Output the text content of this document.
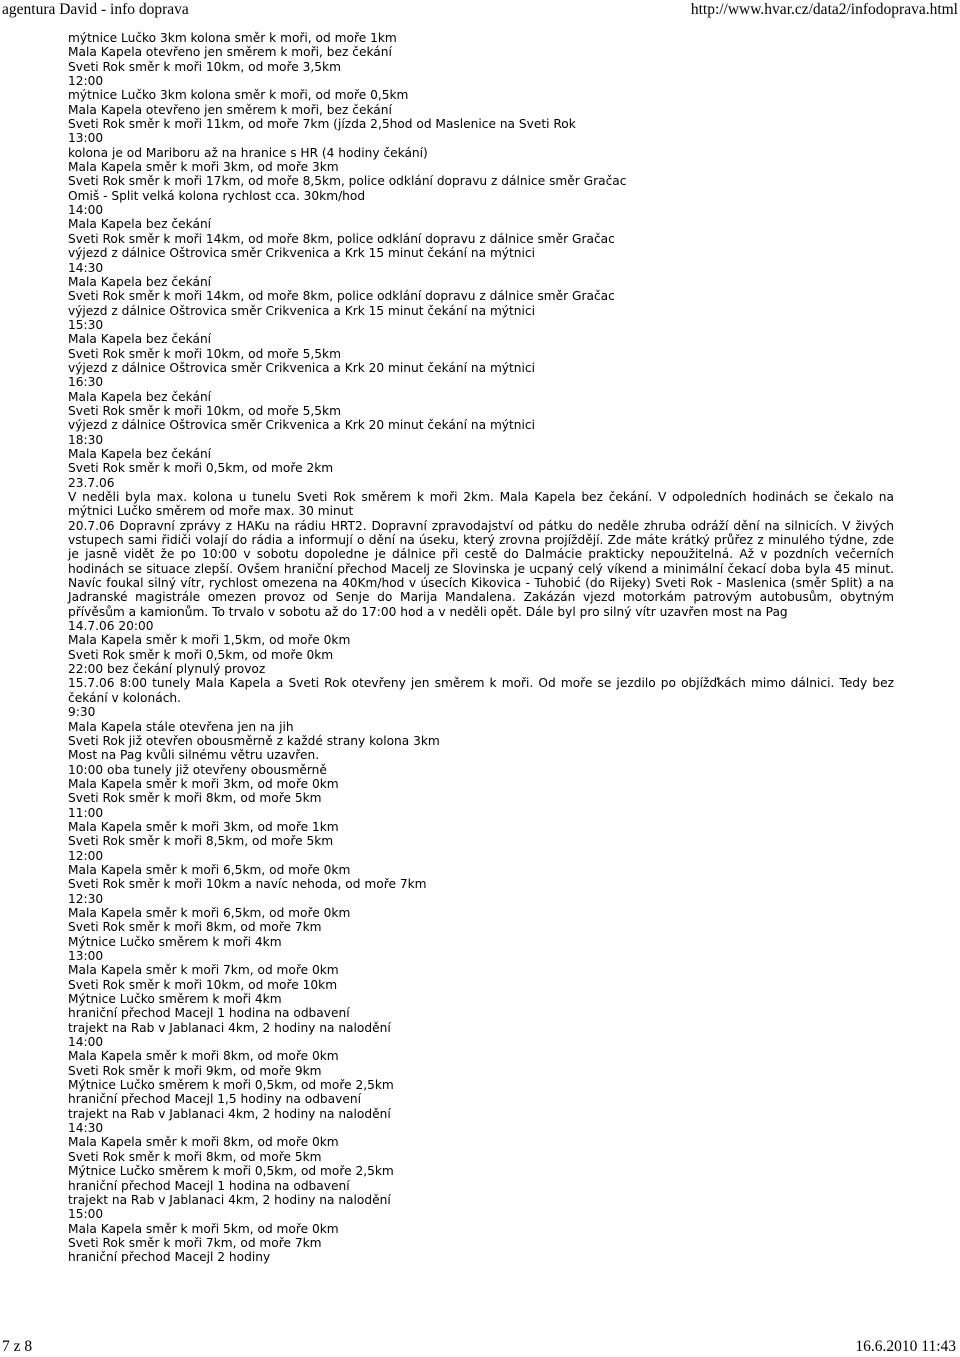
agentura David - info doprava	http://www.hvar.cz/data2/infodoprava.html
mýtnice Lučko 3km kolona směr k moři, od moře 1km
Mala Kapela otevřeno jen směrem k moři, bez čekání
Sveti Rok směr k moři 10km, od moře 3,5km
12:00
mýtnice Lučko 3km kolona směr k moři, od moře 0,5km
Mala Kapela otevřeno jen směrem k moři, bez čekání
Sveti Rok směr k moři 11km, od moře 7km (jízda 2,5hod od Maslenice na Sveti Rok
13:00
kolona je od Mariboru až na hranice s HR (4 hodiny čekání)
Mala Kapela směr k moři 3km, od moře 3km
Sveti Rok směr k moři 17km, od moře 8,5km, police odklání dopravu z dálnice směr Gračac
Omiš - Split velká kolona rychlost cca. 30km/hod
14:00
Mala Kapela bez čekání
Sveti Rok směr k moři 14km, od moře 8km, police odklání dopravu z dálnice směr Gračac
výjezd z dálnice Oštrovica směr Crikvenica a Krk 15 minut čekání na mýtnici
14:30
Mala Kapela bez čekání
Sveti Rok směr k moři 14km, od moře 8km, police odklání dopravu z dálnice směr Gračac
výjezd z dálnice Oštrovica směr Crikvenica a Krk 15 minut čekání na mýtnici
15:30
Mala Kapela bez čekání
Sveti Rok směr k moři 10km, od moře 5,5km
výjezd z dálnice Oštrovica směr Crikvenica a Krk 20 minut čekání na mýtnici
16:30
Mala Kapela bez čekání
Sveti Rok směr k moři 10km, od moře 5,5km
výjezd z dálnice Oštrovica směr Crikvenica a Krk 20 minut čekání na mýtnici
18:30
Mala Kapela bez čekání
Sveti Rok směr k moři 0,5km, od moře 2km
23.7.06
V neděli byla max. kolona u tunelu Sveti Rok směrem k moři 2km. Mala Kapela bez čekání. V odpoledních hodinách se čekalo na mýtnici Lučko směrem od moře max. 30 minut
20.7.06 Dopravní zprávy z HAKu na rádiu HRT2. Dopravní zpravodajství od pátku do neděle zhruba odráží dění na silnicích. V živých vstupech sami řidiči volají do rádia a informují o dění na úseku, který zrovna projíždějí. Zde máte krátký průřez z minulého týdne, zde je jasně vidět že po 10:00 v sobotu dopoledne je dálnice při cestě do Dalmácie prakticky nepoužitelná. Až v pozdních večerních hodinách se situace zlepší. Ovšem hraniční přechod Macelj ze Slovinska je ucpaný celý víkend a minimální čekací doba byla 45 minut. Navíc foukal silný vítr, rychlost omezena na 40Km/hod v úsecích Kikovica - Tuhobić (do Rijeky) Sveti Rok - Maslenica (směr Split) a na Jadranské magistrále omezen provoz od Senje do Marija Mandalena. Zakázán vjezd motorkám patrovým autobusům, obytným přívěsům a kamionům. To trvalo v sobotu až do 17:00 hod a v neděli opět. Dále byl pro silný vítr uzavřen most na Pag
14.7.06 20:00
Mala Kapela směr k moři 1,5km, od moře 0km
Sveti Rok směr k moři 0,5km, od moře 0km
22:00 bez čekání plynulý provoz
15.7.06 8:00 tunely Mala Kapela a Sveti Rok otevřeny jen směrem k moři. Od moře se jezdilo po objížďkách mimo dálnici. Tedy bez čekání v kolonách.
9:30
Mala Kapela stále otevřena jen na jih
Sveti Rok již otevřen obousměrně z každé strany kolona 3km
Most na Pag kvůli silnému větru uzavřen.
10:00 oba tunely již otevřeny obousměrně
Mala Kapela směr k moři 3km, od moře 0km
Sveti Rok směr k moři 8km, od moře 5km
11:00
Mala Kapela směr k moři 3km, od moře 1km
Sveti Rok směr k moři 8,5km, od moře 5km
12:00
Mala Kapela směr k moři 6,5km, od moře 0km
Sveti Rok směr k moři 10km a navíc nehoda, od moře 7km
12:30
Mala Kapela směr k moři 6,5km, od moře 0km
Sveti Rok směr k moři 8km, od moře 7km
Mýtnice Lučko směrem k moři 4km
13:00
Mala Kapela směr k moři 7km, od moře 0km
Sveti Rok směr k moři 10km, od moře 10km
Mýtnice Lučko směrem k moři 4km
hraniční přechod Macejl 1 hodina na odbavení
trajekt na Rab v Jablanaci 4km, 2 hodiny na nalodění
14:00
Mala Kapela směr k moři 8km, od moře 0km
Sveti Rok směr k moři 9km, od moře 9km
Mýtnice Lučko směrem k moři 0,5km, od moře 2,5km
hraniční přechod Macejl 1,5 hodiny na odbavení
trajekt na Rab v Jablanaci 4km, 2 hodiny na nalodění
14:30
Mala Kapela směr k moři 8km, od moře 0km
Sveti Rok směr k moři 8km, od moře 5km
Mýtnice Lučko směrem k moři 0,5km, od moře 2,5km
hraniční přechod Macejl 1 hodina na odbavení
trajekt na Rab v Jablanaci 4km, 2 hodiny na nalodění
15:00
Mala Kapela směr k moři 5km, od moře 0km
Sveti Rok směr k moři 7km, od moře 7km
hraniční přechod Macejl 2 hodiny
7 z 8	16.6.2010 11:43
